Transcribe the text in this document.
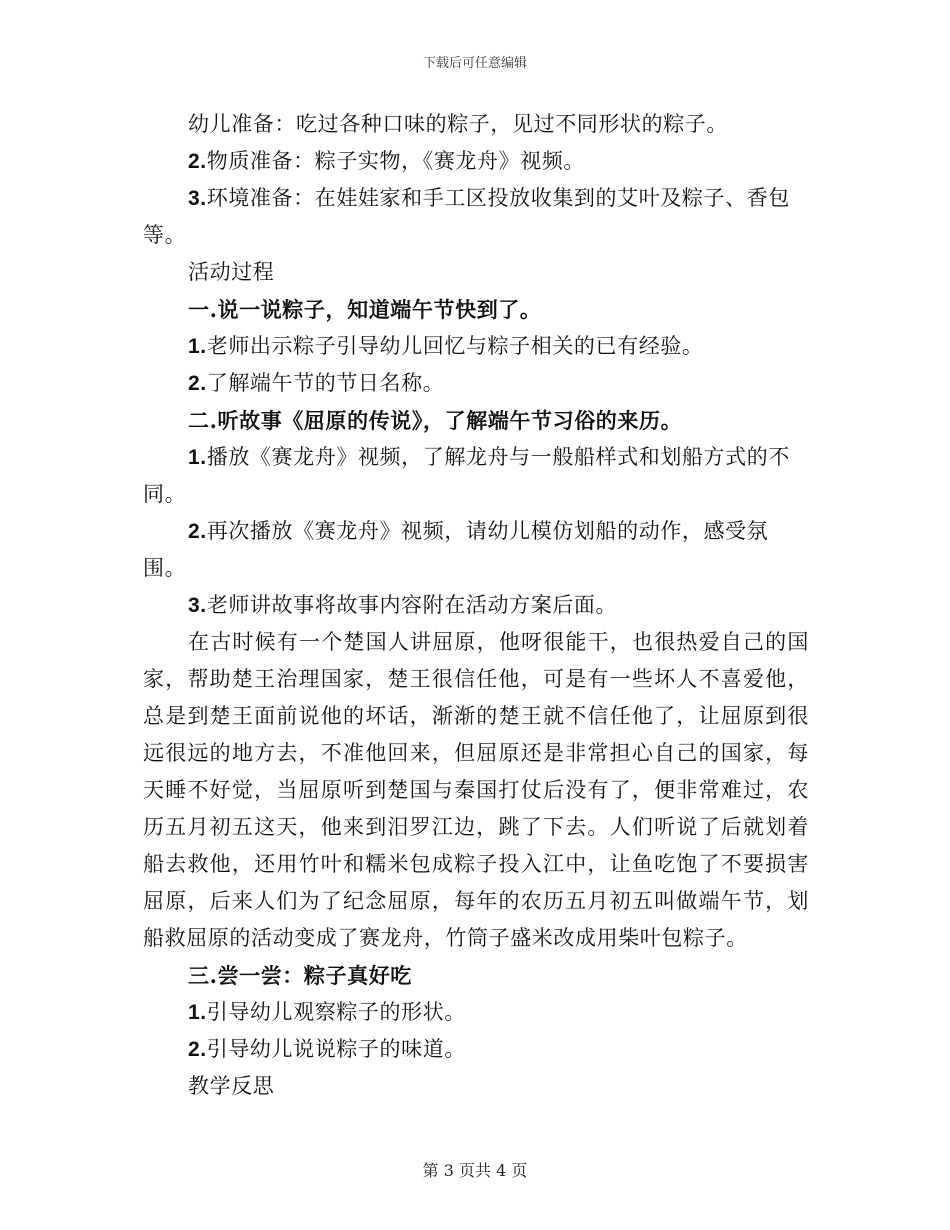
下载后可任意编辑

幼儿准备：吃过各种口味的粽子，见过不同形状的粽子。

2.物质准备：粽子实物，《赛龙舟》视频。

3.环境准备：在娃娃家和手工区投放收集到的艾叶及粽子、香包等。

活动过程

一.说一说粽子，知道端午节快到了。

1.老师出示粽子引导幼儿回忆与粽子相关的已有经验。

2.了解端午节的节日名称。

二.听故事《屈原的传说》，了解端午节习俗的来历。

1.播放《赛龙舟》视频，了解龙舟与一般船样式和划船方式的不同。

2.再次播放《赛龙舟》视频，请幼儿模仿划船的动作，感受氛围。

3.老师讲故事将故事内容附在活动方案后面。

在古时候有一个楚国人讲屈原，他呀很能干，也很热爱自己的国家，帮助楚王治理国家，楚王很信任他，可是有一些坏人不喜爱他，总是到楚王面前说他的坏话，渐渐的楚王就不信任他了，让屈原到很远很远的地方去，不准他回来，但屈原还是非常担心自己的国家，每天睡不好觉，当屈原听到楚国与秦国打仗后没有了，便非常难过，农历五月初五这天，他来到汨罗江边，跳了下去。人们听说了后就划着船去救他，还用竹叶和糯米包成粽子投入江中，让鱼吃饱了不要损害屈原，后来人们为了纪念屈原，每年的农历五月初五叫做端午节，划船救屈原的活动变成了赛龙舟，竹筒子盛米改成用柴叶包粽子。

三.尝一尝：粽子真好吃

1.引导幼儿观察粽子的形状。

2.引导幼儿说说粽子的味道。

教学反思

第 3 页共 4 页
